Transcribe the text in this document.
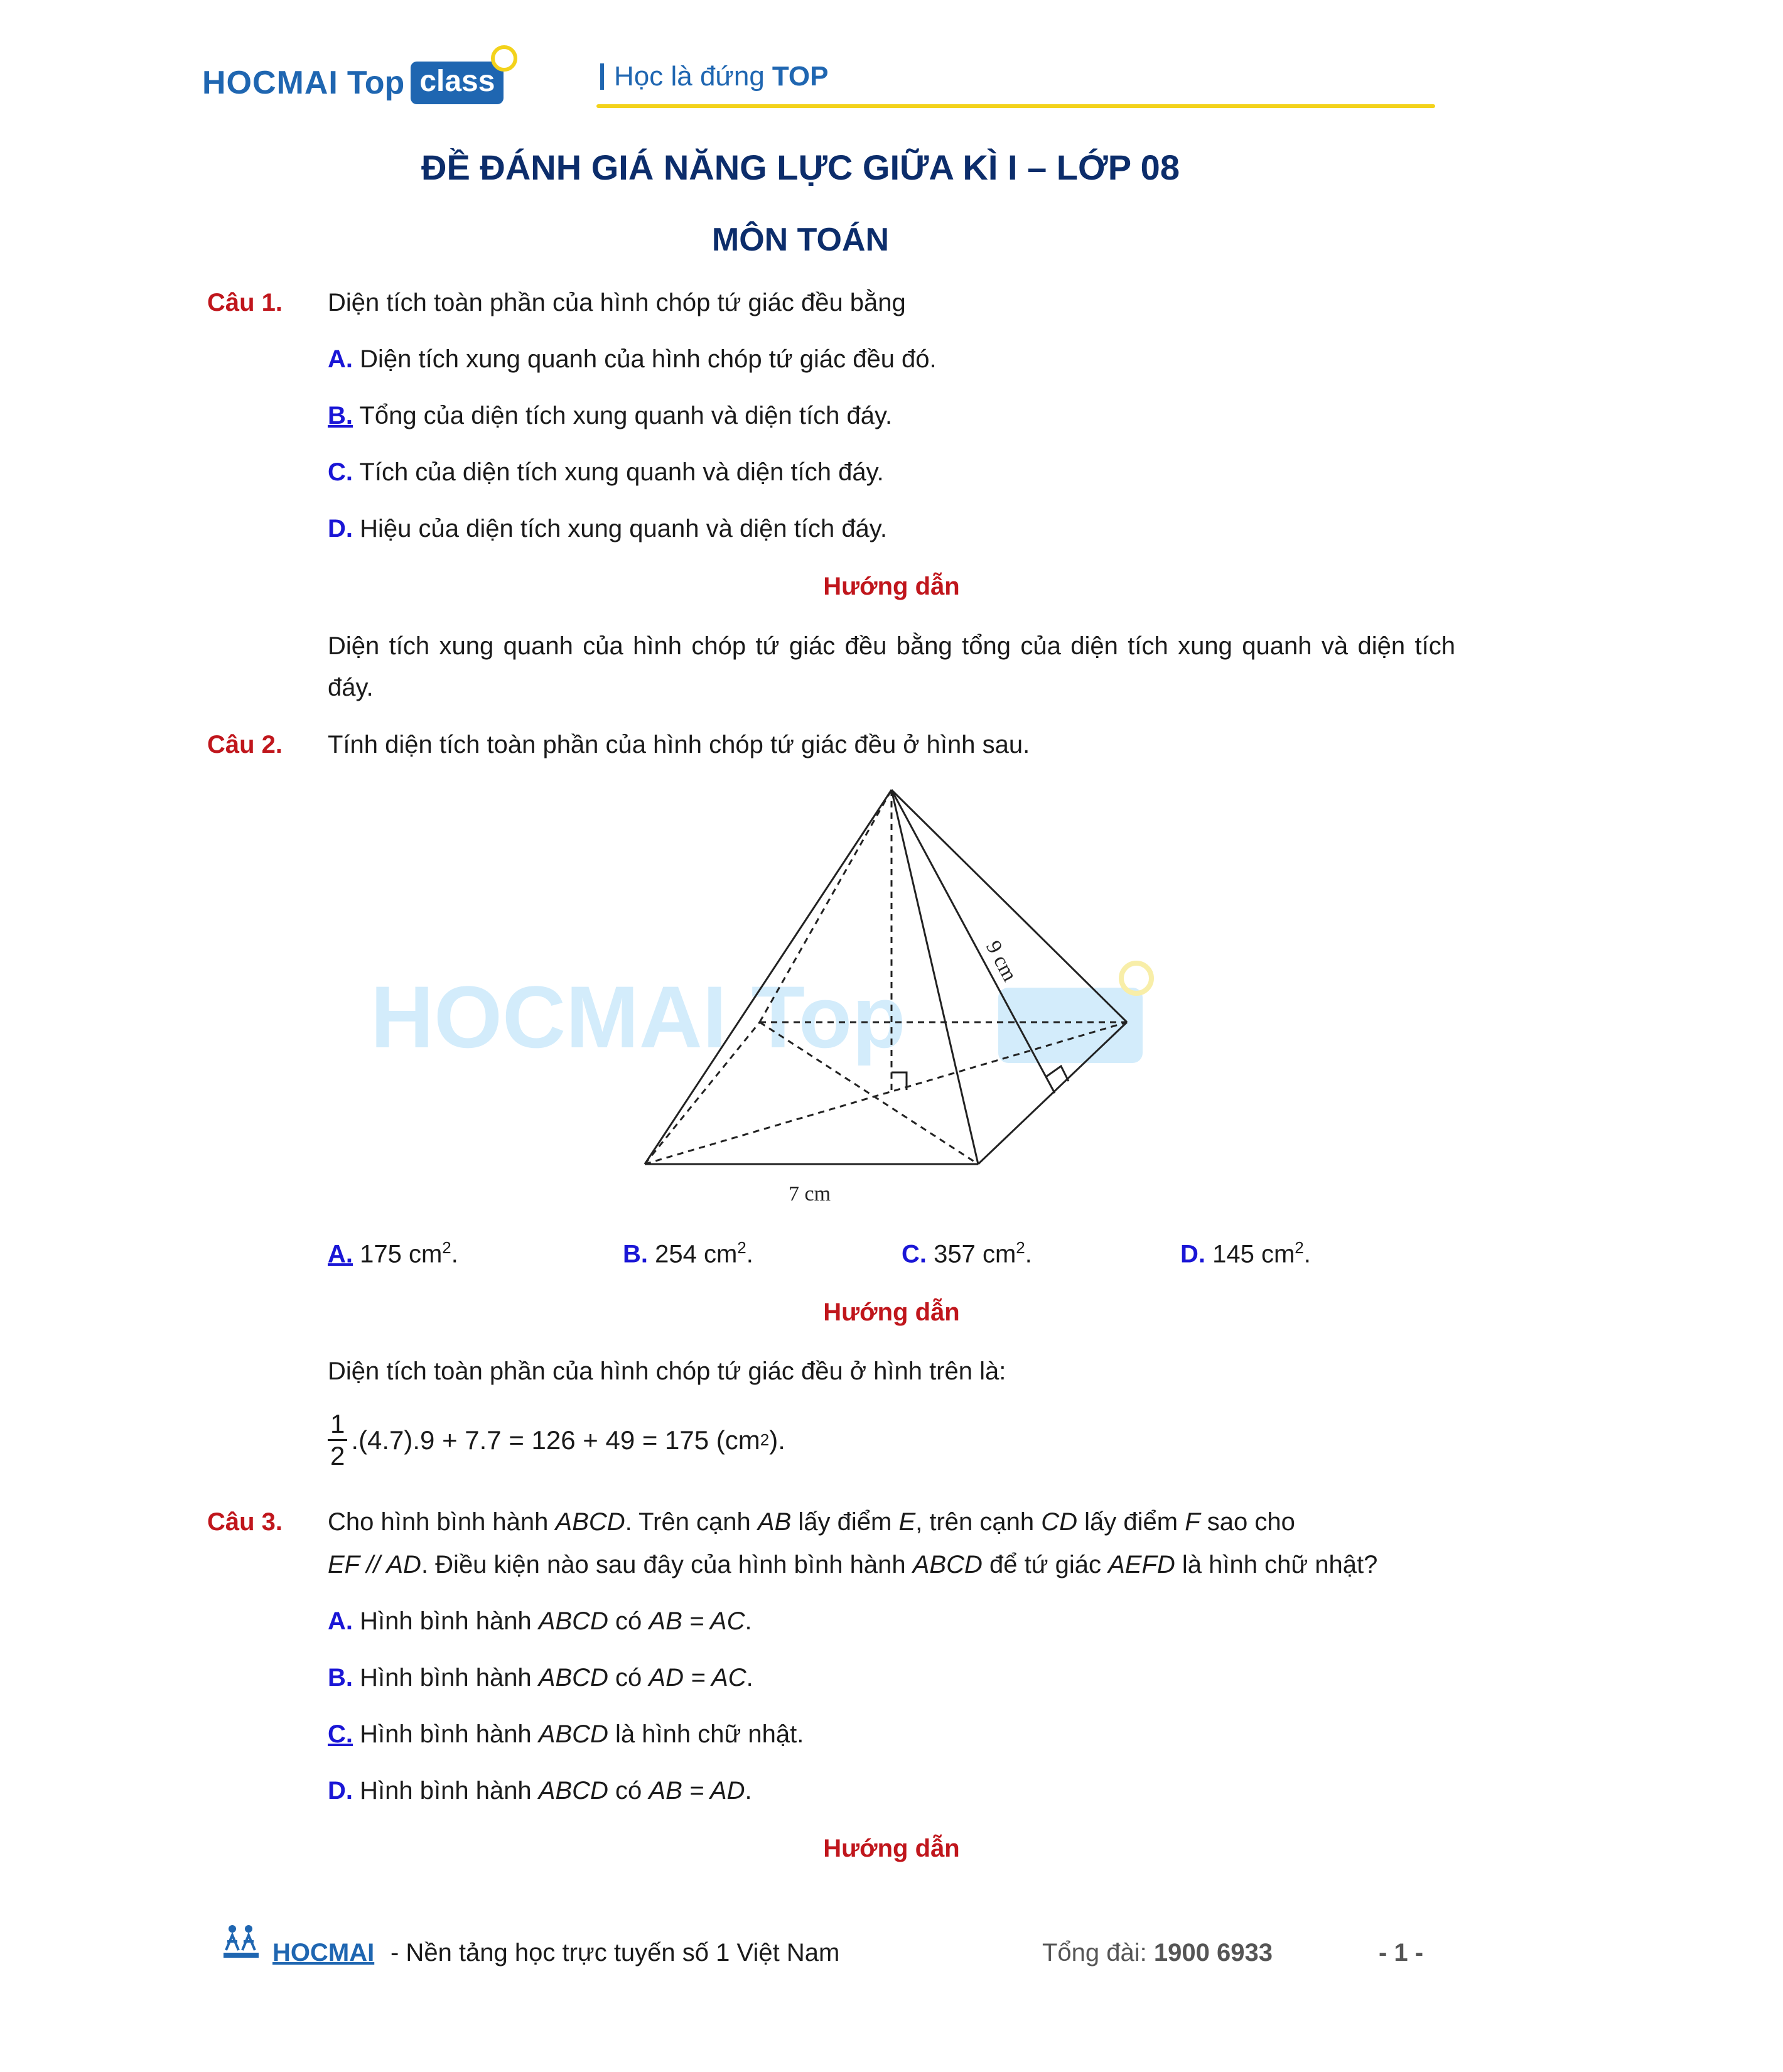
HOCMAI Top class	Học là đứng TOP
ĐỀ ĐÁNH GIÁ NĂNG LỰC GIỮA KÌ I – LỚP 08
MÔN TOÁN
Câu 1. Diện tích toàn phần của hình chóp tứ giác đều bằng
A. Diện tích xung quanh của hình chóp tứ giác đều đó.
B. Tổng của diện tích xung quanh và diện tích đáy.
C. Tích của diện tích xung quanh và diện tích đáy.
D. Hiệu của diện tích xung quanh và diện tích đáy.
Hướng dẫn
Diện tích xung quanh của hình chóp tứ giác đều bằng tổng của diện tích xung quanh và diện tích đáy.
Câu 2. Tính diện tích toàn phần của hình chóp tứ giác đều ở hình sau.
HOCMAI Top
9 cm
7 cm
A. 175 $cm^2$.	B. 254 $cm^2$.	C. 357 $cm^2$.	D. 145 $cm^2$.
Hướng dẫn
Diện tích toàn phần của hình chóp tứ giác đều ở hình trên là:
$\frac{1}{2} .(4.7).9 + 7.7 = 126 + 49 = 175$ (cm 2 ).
Câu 3. Cho hình bình hành ABCD. Trên cạnh AB lấy điểm E, trên cạnh CD lấy điểm F sao cho
EF // AD. Điều kiện nào sau đây của hình bình hành ABCD để tứ giác AEFD là hình chữ nhật?
A. Hình bình hành ABCD có AB = AC.
B. Hình bình hành ABCD có AD = AC.
C. Hình bình hành ABCD là hình chữ nhật.
D. Hình bình hành ABCD có AB = AD.
Hướng dẫn
HOCMAI - Nền tảng học trực tuyến số 1 Việt Nam	Tổng đài:
1900 6933	- 1 -
